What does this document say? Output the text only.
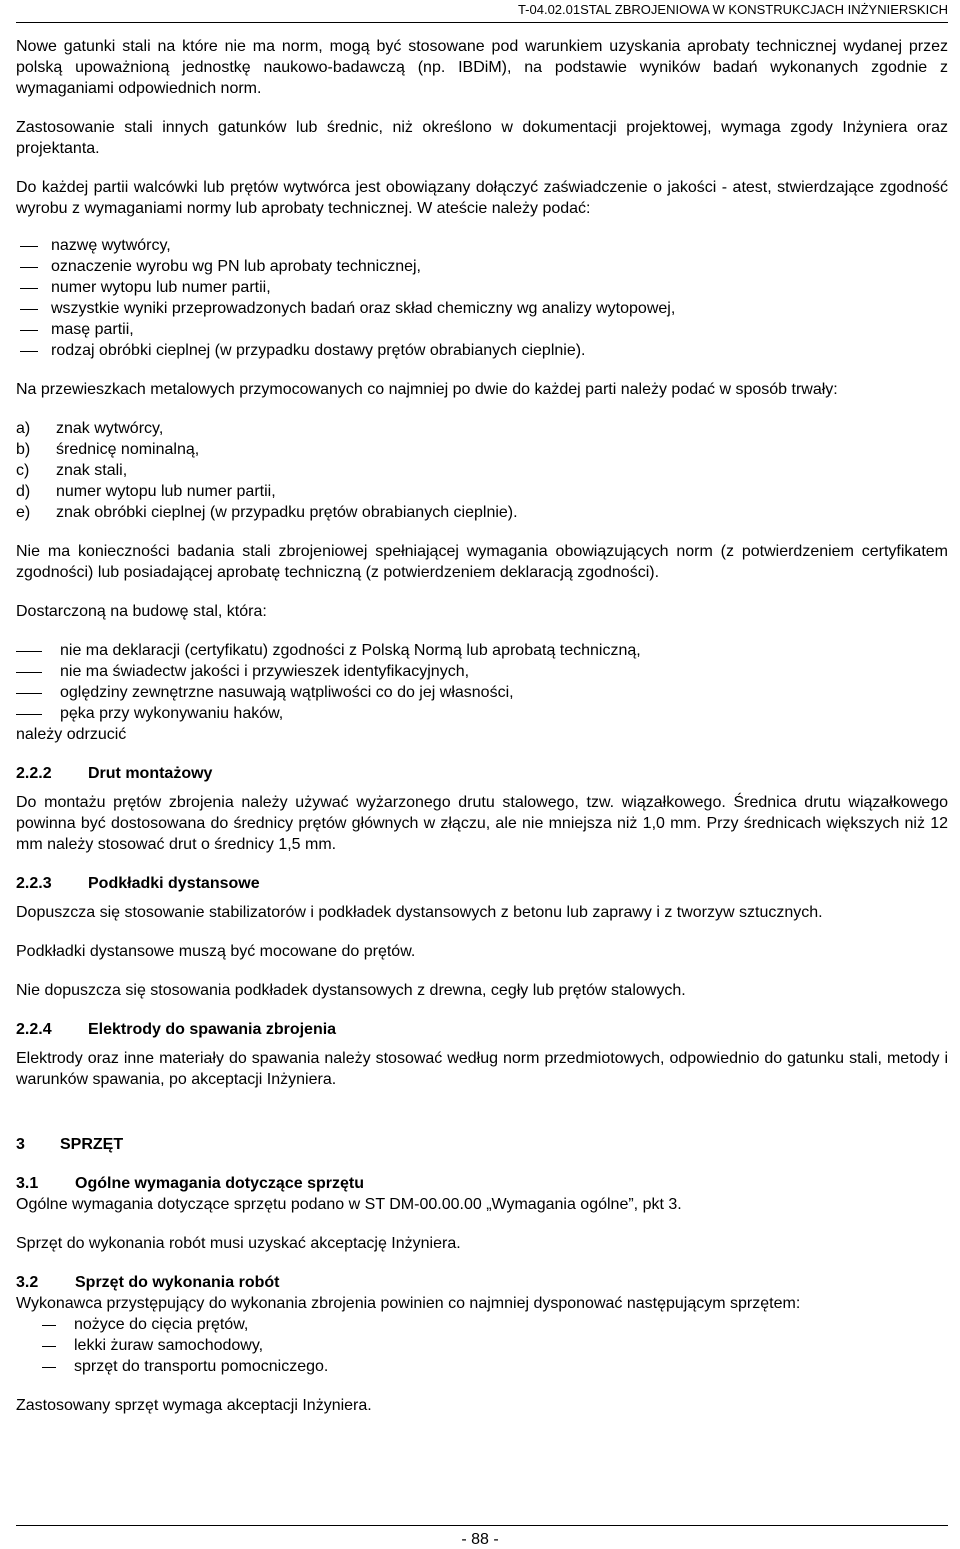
T-04.02.01STAL ZBROJENIOWA W KONSTRUKCJACH INŻYNIERSKICH

Nowe gatunki stali na które nie ma norm, mogą być stosowane pod warunkiem uzyskania aprobaty technicznej wydanej przez polską upoważnioną jednostkę naukowo-badawczą (np. IBDiM), na podstawie wyników badań wykonanych zgodnie z wymaganiami odpowiednich norm.

Zastosowanie stali innych gatunków lub średnic, niż określono w dokumentacji projektowej, wymaga zgody Inżyniera oraz projektanta.

Do każdej partii walcówki lub prętów wytwórca jest obowiązany dołączyć zaświadczenie o jakości - atest, stwierdzające zgodność wyrobu z wymaganiami normy lub aprobaty technicznej. W ateście należy podać:

nazwę wytwórcy,
oznaczenie wyrobu wg PN lub aprobaty technicznej,
numer wytopu lub numer partii,
wszystkie wyniki przeprowadzonych badań oraz skład chemiczny wg analizy wytopowej,
masę partii,
rodzaj obróbki cieplnej (w przypadku dostawy prętów obrabianych cieplnie).

Na przewieszkach metalowych przymocowanych co najmniej po dwie do każdej parti należy podać w sposób trwały:

a)	znak wytwórcy,
b)	średnicę nominalną,
c)	znak stali,
d)	numer wytopu lub numer partii,
e)	znak obróbki cieplnej (w przypadku prętów obrabianych cieplnie).

Nie ma konieczności badania stali zbrojeniowej spełniającej wymagania obowiązujących norm (z potwierdzeniem certyfikatem zgodności) lub posiadającej aprobatę techniczną (z potwierdzeniem deklaracją zgodności).

Dostarczoną na budowę stal, która:

nie ma deklaracji (certyfikatu) zgodności z Polską Normą lub aprobatą techniczną,
nie ma świadectw jakości i przywieszek identyfikacyjnych,
oględziny zewnętrzne nasuwają wątpliwości co do jej własności,
pęka przy wykonywaniu haków,

należy odrzucić

2.2.2	Drut montażowy

Do montażu prętów zbrojenia należy używać wyżarzonego drutu stalowego, tzw. wiązałkowego. Średnica drutu wiązałkowego powinna być dostosowana do średnicy prętów głównych w złączu, ale nie mniejsza niż 1,0 mm. Przy średnicach większych niż 12 mm należy stosować drut o średnicy 1,5 mm.

2.2.3	Podkładki dystansowe

Dopuszcza się stosowanie stabilizatorów i podkładek dystansowych z betonu lub zaprawy i z tworzyw sztucznych.

Podkładki dystansowe muszą być mocowane do prętów.

Nie dopuszcza się stosowania podkładek dystansowych z drewna, cegły lub prętów stalowych.

2.2.4	Elektrody do spawania zbrojenia

Elektrody oraz inne materiały do spawania należy stosować według norm przedmiotowych, odpowiednio do gatunku stali, metody i warunków spawania, po akceptacji Inżyniera.

3	SPRZĘT
3.1	Ogólne wymagania dotyczące sprzętu

Ogólne wymagania dotyczące sprzętu podano w ST DM-00.00.00 „Wymagania ogólne”, pkt 3.

Sprzęt do wykonania robót musi uzyskać akceptację Inżyniera.

3.2	Sprzęt do wykonania robót

Wykonawca przystępujący do wykonania zbrojenia powinien co najmniej dysponować następującym sprzętem:

nożyce do cięcia prętów,
lekki żuraw samochodowy,
sprzęt do transportu pomocniczego.

Zastosowany sprzęt wymaga akceptacji Inżyniera.

- 88 -
